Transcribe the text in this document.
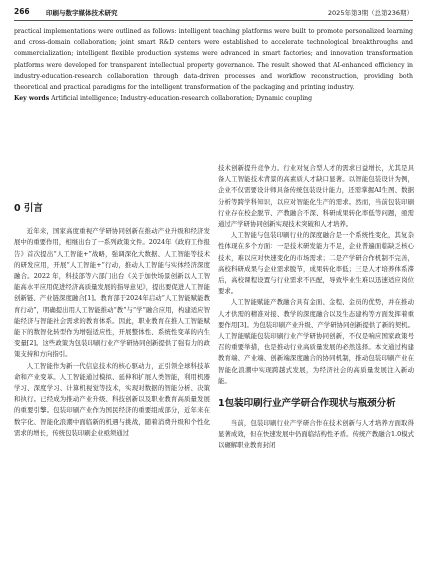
266	印刷与数字媒体技术研究	2025年第3期（总第236期）
practical implementations were outlined as follows: intelligent teaching platforms were built to promote personalized learning and cross-domain collaboration; joint smart R&D centers were established to accelerate technological breakthroughs and commercialization; intelligent flexible production systems were advanced in smart factories; and innovation transformation platforms were developed for transparent intellectual property governance. The result showed that AI-enhanced efficiency in industry-education-research collaboration through data-driven processes and workflow reconstruction, providing both theoretical and practical paradigms for the intelligent transformation of the packaging and printing industry.
Key words Artificial intelligence; Industry-education-research collaboration; Dynamic coupling
0 引言

近年来，国家高度重视产学研协同创新在推动产业升级和经济发展中的重要作用，相继出台了一系列政策文件。2024年《政府工作报告》首次提出“人工智能+”战略，强调深化大数据、人工智能等技术的研发应用，开展“人工智能+”行动，推动人工智能与实体经济深度融合。2022 年，科技部等六部门出台《关于加快场景创新以人工智能高水平应用促进经济高质量发展的指导意见》，提出要促进人工智能创新链、产业链深度融合[1]。教育部于2024年启动“人工智能赋能教育行动”，明确提出用人工智能推动“教”与“学”融合应用，构建适应智能经济与智能社会需求的教育体系。因此，职业教育在推人工智能赋能下的数智化转型作为增强适应性，开展整体性、系统性变革的内生变量[2]。这些政策为包装印刷行业产学研协同创新提供了强有力的政策支持和方向指引。

人工智能作为新一代信息技术的核心驱动力，正引领全球科技革命和产业变革。人工智能通过模拟、延伸和扩展人类智能，利用机器学习、深度学习、计算机视觉等技术，实现对数据的智能分析、决策和执行。已经成为推动产业升级、科技创新以及职业教育高质量发展的重要引擎。包装印刷产业作为国民经济的重要组成部分，近年来在数字化、智能化浪潮中面临新的机遇与挑战，随着消费升级和个性化需求的增长，传统包装印刷企业亟须通过

技术创新提升竞争力。行业对复合型人才的需求日益增长，尤其是具备人工智能技术背景的高素质人才缺口显著。以智能包装设计为例，企业不仅需要设计师具备传统包装设计能力，还需掌握AI生图、数据分析等跨学科知识，以应对智能化生产的需求。然而，当前包装印刷行业存在校企脱节、产教融合不深、科研成果转化率低等问题，亟需通过产学研协同创新实现技术突破和人才培养。

人工智能与包装印刷行业的深度融合是一个系统性变化，其复杂性体现在多个方面：一是技术研发能力不足，企业普遍面临缺乏核心技术，难以应对快速变化的市场需求；二是产学研合作机制不完善，高校科研成果与企业需求脱节，成果转化率低；三是人才培养体系滞后，高校课程设置与行业需求不匹配，导致毕业生难以迅速适应岗位要求。

人工智能赋能产教融合具有金面、金程、金员的优势，并在推动人才供需的精准对接、教学的深度融合以及生态建构等方面发挥着重要作用[3]。为包装印刷产业升级、产学研协同创新提供了新的契机。人工智能赋能包装印刷行业产学研协同创新，不仅是响应国家政策号召的重要举措，也是推动行业高质量发展的必然选择。本文通过构建教育端、产业端、创新端深度融合的协同机制，推动包装印刷产业在智能化浪潮中实现跨越式发展，为经济社会的高质量发展注入新动能。

1包装印刷行业产学研合作现状与瓶颈分析

当前，包装印刷行业产学研合作在技术创新与人才培养方面取得显著成效，但在快速发展中仍面临结构性矛盾。传统产教融合1.0模式以碾解职业教育封闭
